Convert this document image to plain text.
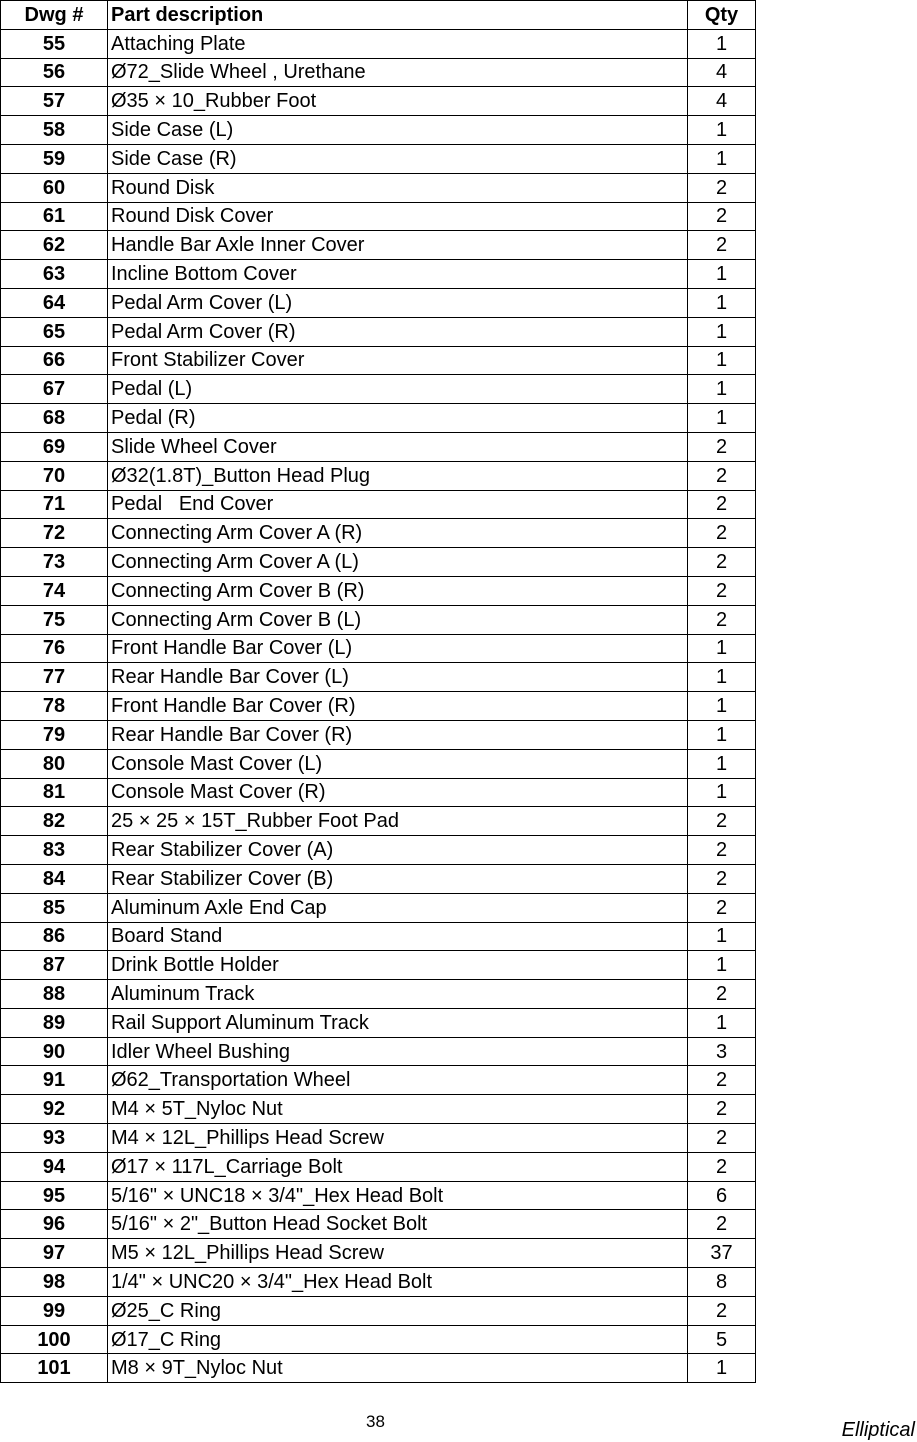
Dwg #	Part description	Qty
55	Attaching Plate	1
56	Ø72_Slide Wheel , Urethane	4
57	Ø35 × 10_Rubber Foot	4
58	Side Case (L)	1
59	Side Case (R)	1
60	Round Disk	2
61	Round Disk Cover	2
62	Handle Bar Axle Inner Cover	2
63	Incline Bottom Cover	1
64	Pedal Arm Cover (L)	1
65	Pedal Arm Cover (R)	1
66	Front Stabilizer Cover	1
67	Pedal (L)	1
68	Pedal (R)	1
69	Slide Wheel Cover	2
70	Ø32(1.8T)_Button Head Plug	2
71	Pedal   End Cover	2
72	Connecting Arm Cover A (R)	2
73	Connecting Arm Cover A (L)	2
74	Connecting Arm Cover B (R)	2
75	Connecting Arm Cover B (L)	2
76	Front Handle Bar Cover (L)	1
77	Rear Handle Bar Cover (L)	1
78	Front Handle Bar Cover (R)	1
79	Rear Handle Bar Cover (R)	1
80	Console Mast Cover (L)	1
81	Console Mast Cover (R)	1
82	25 × 25 × 15T_Rubber Foot Pad	2
83	Rear Stabilizer Cover (A)	2
84	Rear Stabilizer Cover (B)	2
85	Aluminum Axle End Cap	2
86	Board Stand	1
87	Drink Bottle Holder	1
88	Aluminum Track	2
89	Rail Support Aluminum Track	1
90	Idler Wheel Bushing	3
91	Ø62_Transportation Wheel	2
92	M4 × 5T_Nyloc Nut	2
93	M4 × 12L_Phillips Head Screw	2
94	Ø17 × 117L_Carriage Bolt	2
95	5/16" × UNC18 × 3/4"_Hex Head Bolt	6
96	5/16" × 2"_Button Head Socket Bolt	2
97	M5 × 12L_Phillips Head Screw	37
98	1/4" × UNC20 × 3/4"_Hex Head Bolt	8
99	Ø25_C Ring	2
100	Ø17_C Ring	5
101	M8 × 9T_Nyloc Nut	1
38	Elliptical
